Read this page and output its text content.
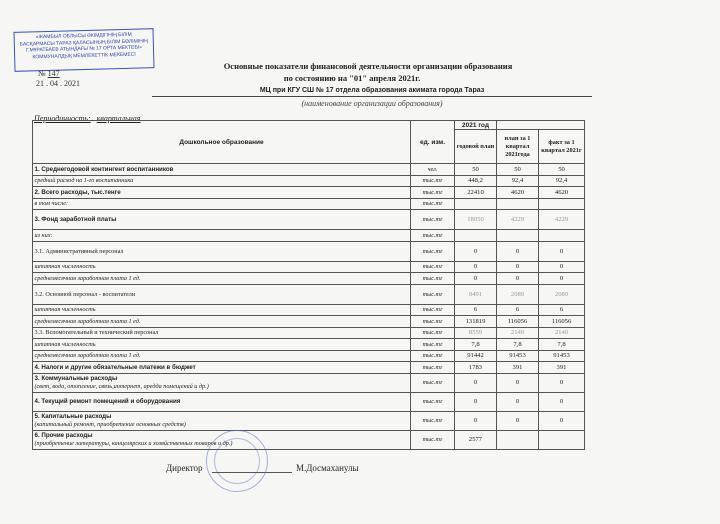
«ЖАМБЫЛ ОБЛЫСЫ ӘКІМДІГІНІҢ БІЛІМ
БАСҚАРМАСЫ ТАРАЗ ҚАЛАСЫНЫҢ БІЛІМ БӨЛІМІНІҢ
Г.МҰРАТБАЕВ АТЫНДАҒЫ № 17 ОРТА МЕКТЕБІ»
КОММУНАЛДЫҚ МЕМЛЕКЕТТІК МЕКЕМЕСІ
№ 147
21 . 04 . 2021
Основные показатели финансовой деятельности организации образования
по состоянию на "01" апреля 2021г.
МЦ при КГУ СШ № 17 отдела образования акимата города Тараз
(наименование организации образования)
Периодичность: квартальная
Дошкольное образование	ед. изм.	2021 год		
		годовой план	план за 1 квартал 2021года	факт за 1 квартал 2021г
1. Среднегодовой контингент воспитанников	чел.	50	50	50
средний расход на 1-го воспитанника	тыс.тг	448,2	92,4	92,4
2. Всего расходы, тыс.тенге	тыс.тг	22410	4620	4620
в том числе:	тыс.тг			
3. Фонд заработной платы	тыс.тг	18050	4229	4229
из них:	тыс.тг			
3.1. Административный персонал	тыс.тг	0	0	0
штатная численность	тыс.тг	0	0	0
среднемесячная заработная плата 1 ед.	тыс.тг	0	0	0
3.2. Основной персонал - воспитатели	тыс.тг	9491	2089	2089
штатная численность	тыс.тг	6	6	6
среднемесячная заработная плата 1 ед.	тыс.тг	131819	116056	116056
3.3. Вспомогательный и технический персонал	тыс.тг	8559	2140	2140
штатная численность	тыс.тг	7,8	7,8	7,8
среднемесячная заработная плата 1 ед.	тыс.тг	91442	91453	91453
4. Налоги и другие обязательные платежи в бюджет	тыс.тг	1783	391	391

3. Коммунальные расходы
(свет, вода, отопление, связь,интернет, аредда помещений и др.)	тыс.тг	0	0	0

4. Текущий ремонт помещений и оборудования	тыс.тг	0	0	0

5. Капитальные расходы
(капитальный ремонт, приобретение основных средств)	тыс.тг	0	0	0

6. Прочие расходы
(приобретение литературы, канцелярских и хозяйственных товаров и др.)	тыс.тг	2577		
Директор	М.Досмаханулы
